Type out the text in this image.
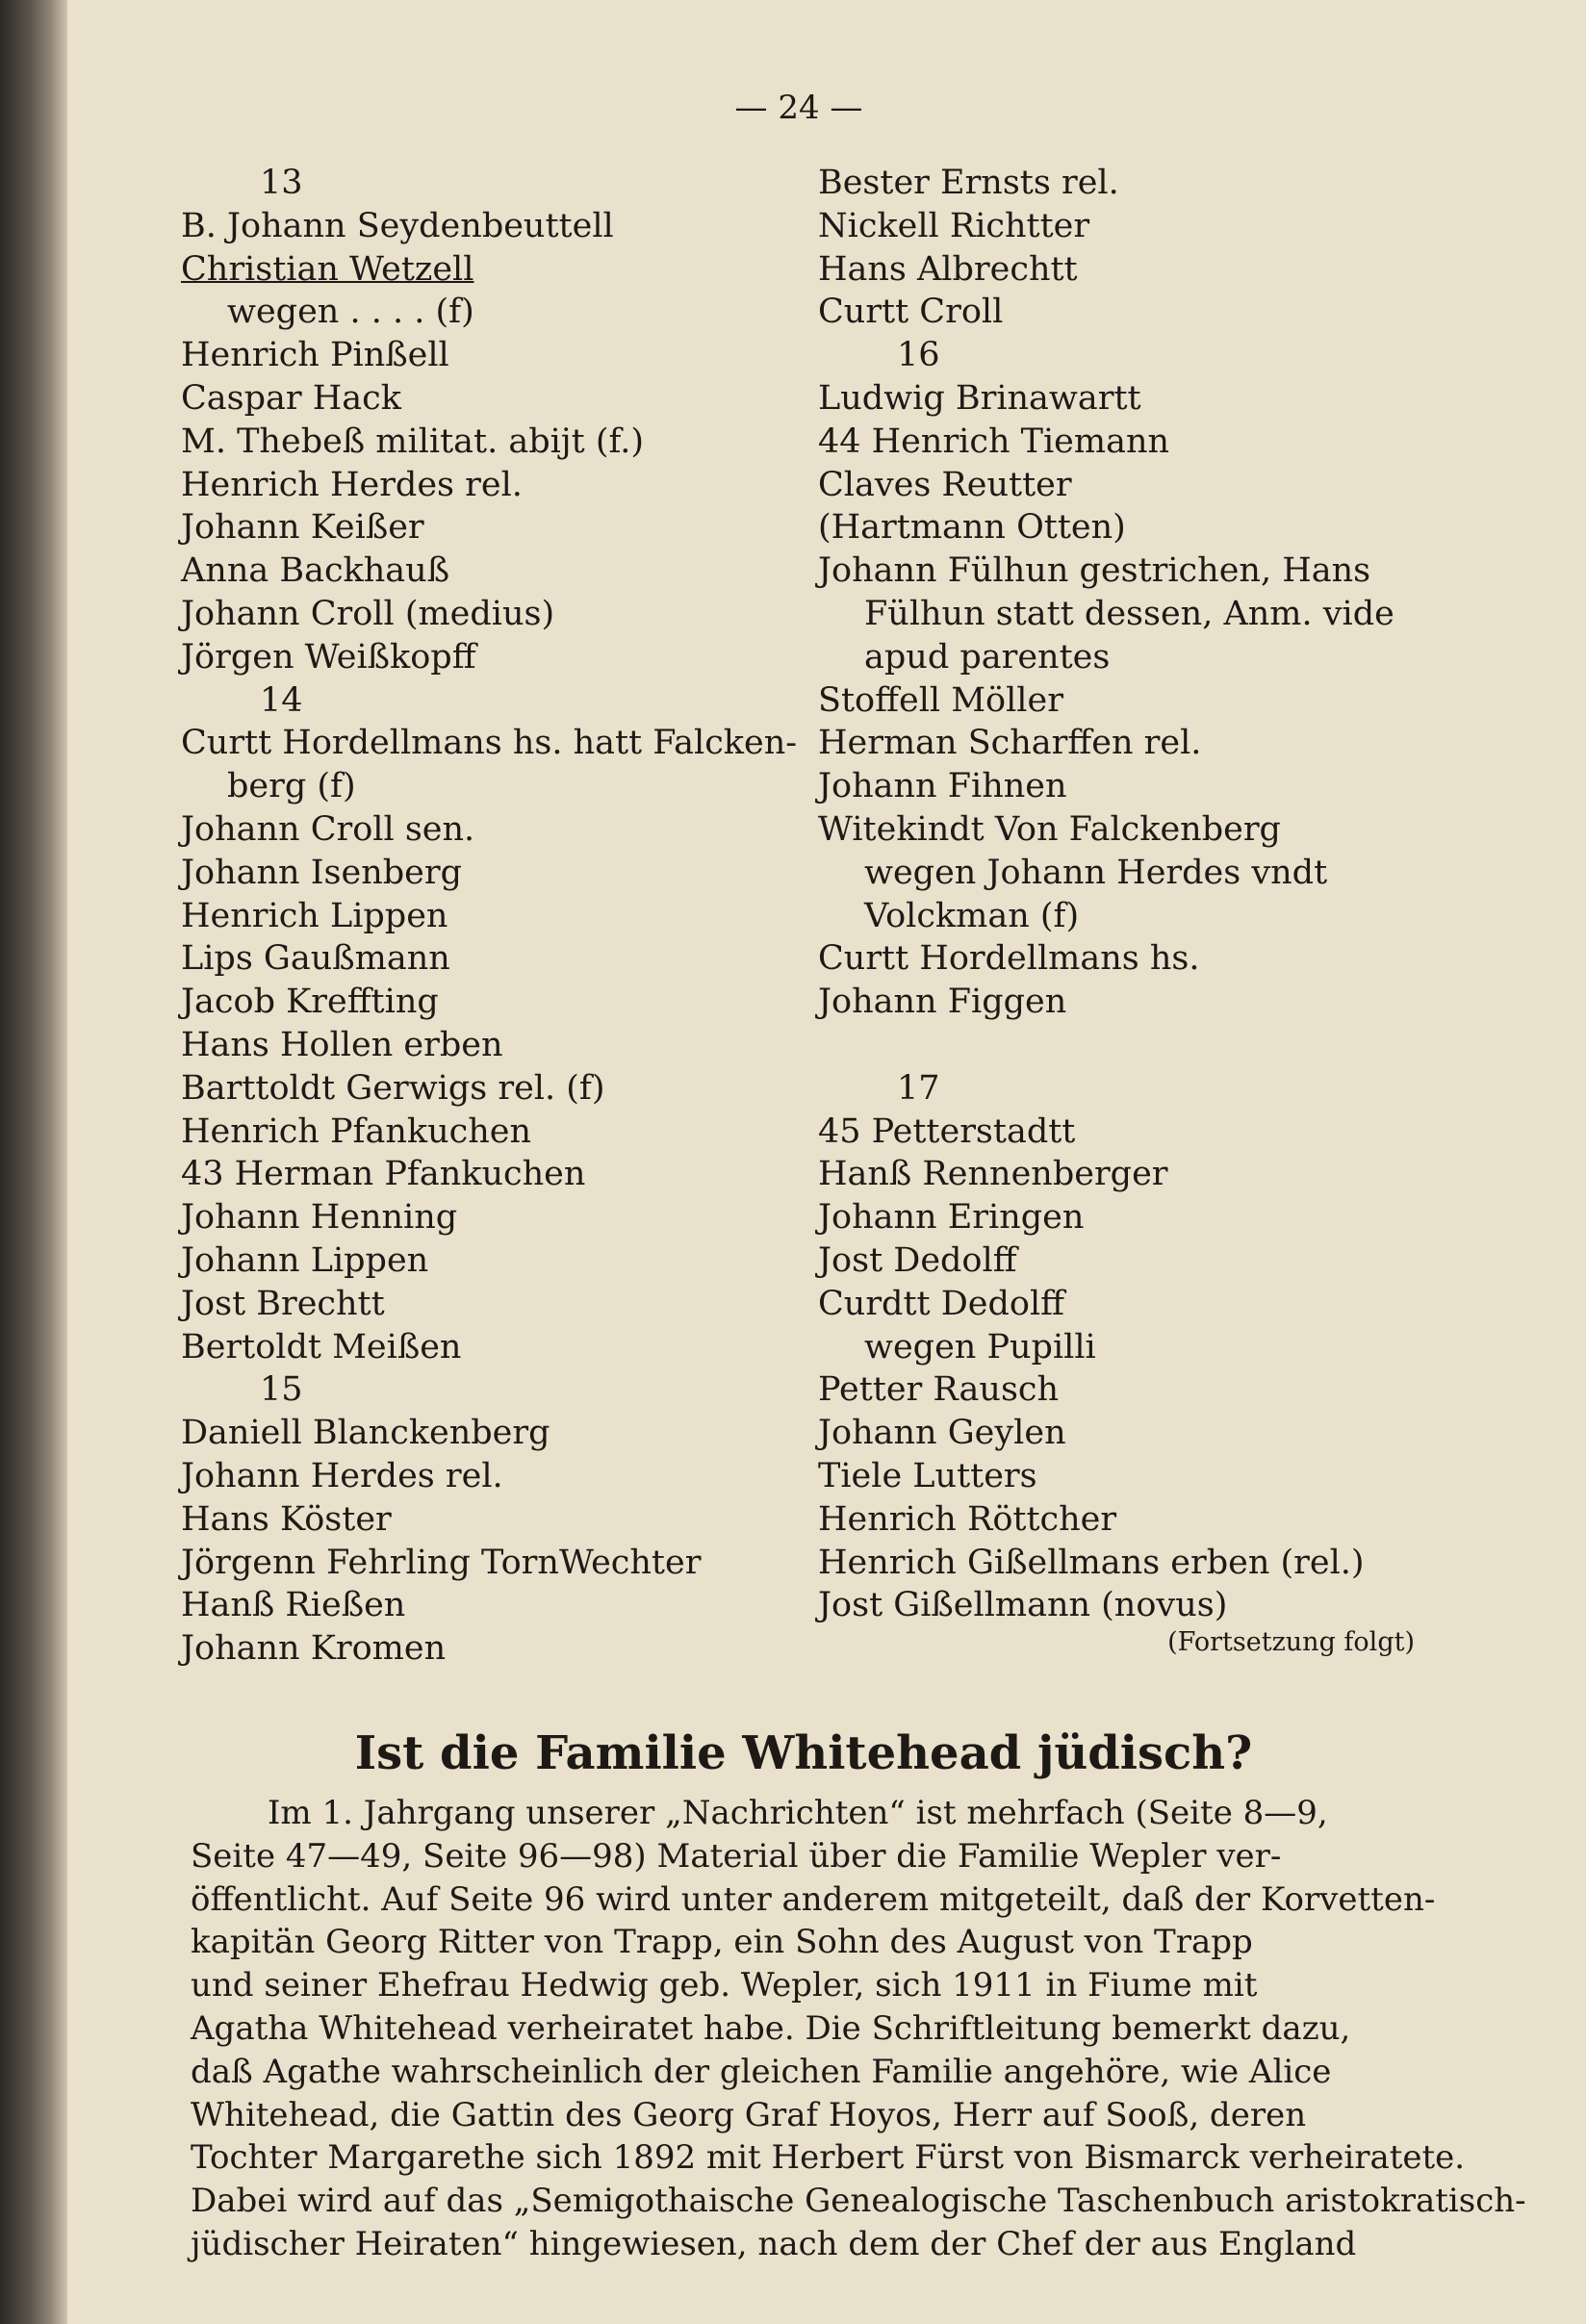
— 24 —
13
B. Johann Seydenbeuttell
Christian Wetzell
wegen . . . . (f)
Henrich Pinßell
Caspar Hack
M. Thebeß militat. abijt (f.)
Henrich Herdes rel.
Johann Keißer
Anna Backhauß
Johann Croll (medius)
Jörgen Weißkopff
14
Curtt Hordellmans hs. hatt Falcken-
berg (f)
Johann Croll sen.
Johann Isenberg
Henrich Lippen
Lips Gaußmann
Jacob Krеffting
Hans Hollen erben
Barttoldt Gerwigs rel. (f)
Henrich Pfankuchen
43 Herman Pfankuchen
Johann Henning
Johann Lippen
Jost Brechtt
Bertoldt Meißen
15
Daniell Blanckenberg
Johann Herdes rel.
Hans Köster
Jörgenn Fehrling TornWechter
Hanß Rießen
Johann Kromen
Bester Ernsts rel.
Nickell Richtter
Hans Albrechtt
Curtt Croll
16
Ludwig Brinawartt
44 Henrich Tiemann
Claves Reutter
(Hartmann Otten)
Johann Fülhun gestrichen, Hans
Fülhun statt dessen, Anm. vide
apud parentes
Stoffell Möller
Herman Scharffen rel.
Johann Fihnen
Witekindt Von Falckenberg
wegen Johann Herdes vndt
Volckman (f)
Curtt Hordellmans hs.
Johann Figgen
17
45 Petterstadtt
Hanß Rennenberger
Johann Eringen
Jost Dedolff
Curdtt Dedolff
wegen Pupilli
Petter Rausch
Johann Geylen
Tiele Lutters
Henrich Röttcher
Henrich Gißellmans erben (rel.)
Jost Gißellmann (novus)
(Fortsetzung folgt)
Ist die Familie Whitehead jüdisch?
Im 1. Jahrgang unserer „Nachrichten“ ist mehrfach (Seite 8—9,
Seite 47—49, Seite 96—98) Material über die Familie Wepler ver-
öffentlicht. Auf Seite 96 wird unter anderem mitgeteilt, daß der Korvetten-
kapitän Georg Ritter von Trapp, ein Sohn des August von Trapp
und seiner Ehefrau Hedwig geb. Wepler, sich 1911 in Fiume mit
Agatha Whitehead verheiratet habe. Die Schriftleitung bemerkt dazu,
daß Agathe wahrscheinlich der gleichen Familie angehöre, wie Alice
Whitehead, die Gattin des Georg Graf Hoyos, Herr auf Sooß, deren
Tochter Margarethe sich 1892 mit Herbert Fürst von Bismarck verheiratete.
Dabei wird auf das „Semigothaische Genealogische Taschenbuch aristokratisch-
jüdischer Heiraten“ hingewiesen, nach dem der Chef der aus England
